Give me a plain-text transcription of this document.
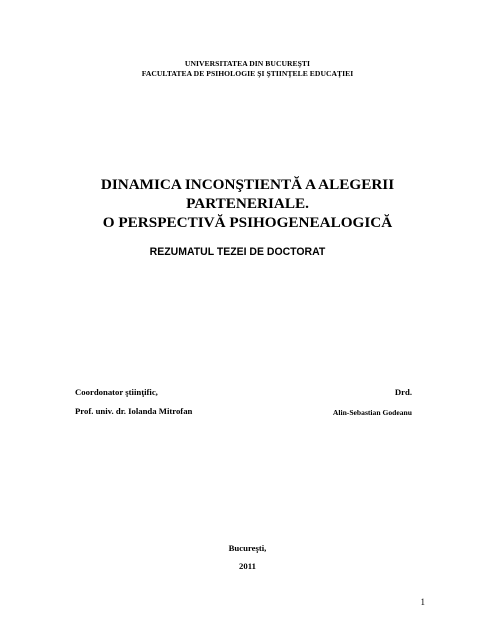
UNIVERSITATEA DIN BUCUREŞTI
FACULTATEA DE PSIHOLOGIE ŞI ŞTIINŢELE EDUCAŢIEI
DINAMICA INCONŞTIENTĂ A ALEGERII
PARTENERIALE.
O PERSPECTIVĂ PSIHOGENEALOGICĂ
REZUMATUL TEZEI DE DOCTORAT
Coordonator ştiinţific,
Prof. univ. dr. Iolanda Mitrofan
Drd.
Alin-Sebastian Godeanu
Bucureşti,
2011
1
